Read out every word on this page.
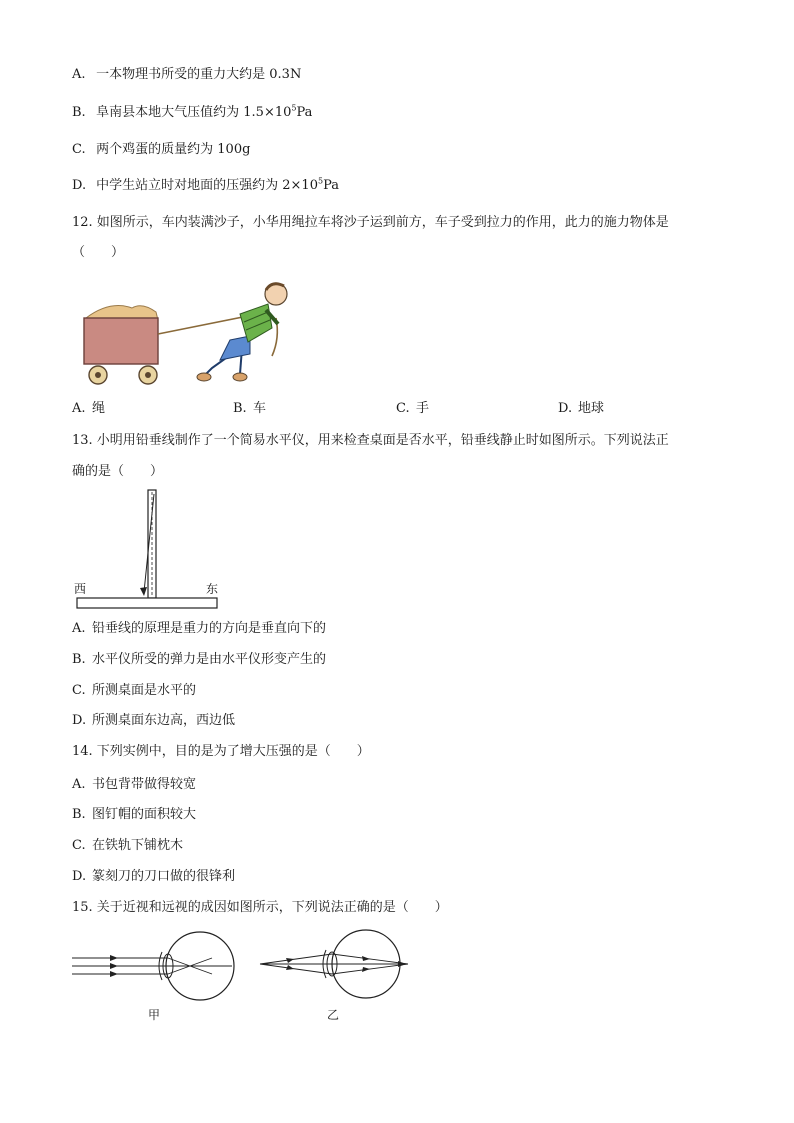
A. 一本物理书所受的重力大约是 0.3N
B. 阜南县本地大气压值约为 $1.5\times 10^5Pa$
C. 两个鸡蛋的质量约为 100g
D. 中学生站立时对地面的压强约为 $2\times 10^5Pa$
12. 如图所示，车内装满沙子，小华用绳拉车将沙子运到前方，车子受到拉力的作用，此力的施力物体是
（　　）
A. 绳	B. 车	C. 手	D. 地球
13. 小明用铅垂线制作了一个简易水平仪，用来检查桌面是否水平，铅垂线静止时如图所示。下列说法正
确的是（　　）
西	东
A. 铅垂线的原理是重力的方向是垂直向下的
B. 水平仪所受的弹力是由水平仪形变产生的
C. 所测桌面是水平的
D. 所测桌面东边高，西边低
14. 下列实例中，目的是为了增大压强的是（　　）
A. 书包背带做得较宽
B. 图钉帽的面积较大
C. 在铁轨下铺枕木
D. 篆刻刀的刀口做的很锋利
15. 关于近视和远视的成因如图所示，下列说法正确的是（　　）
甲	乙
